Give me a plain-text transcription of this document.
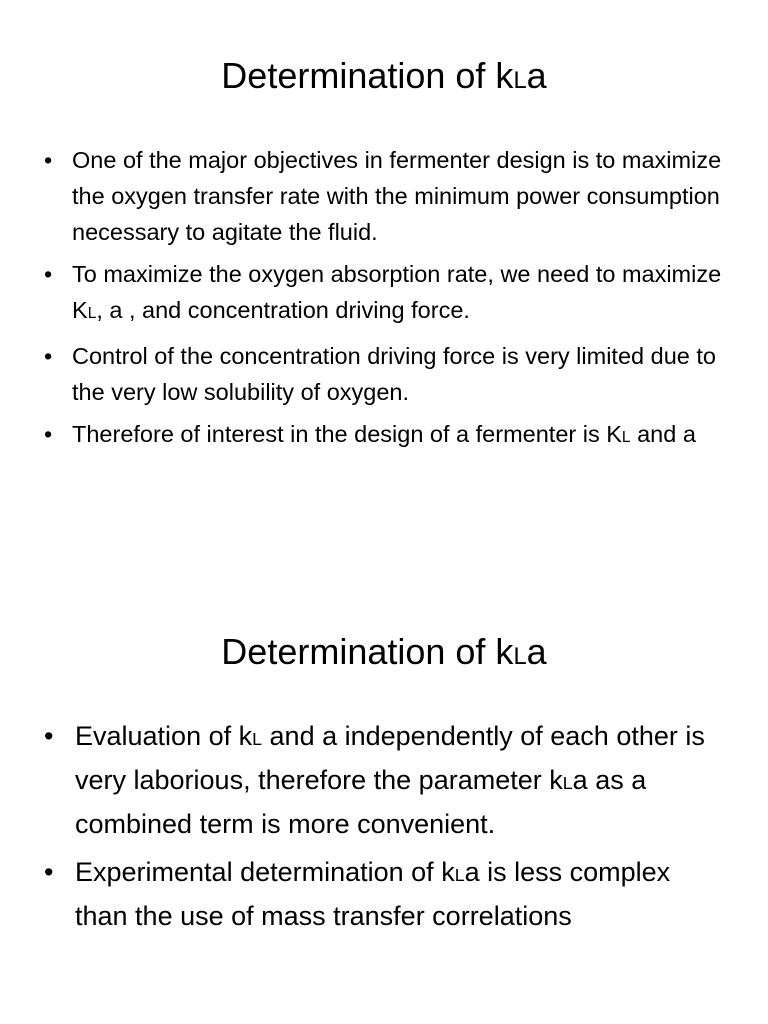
Determination of kLa
• One of the major objectives in fermenter design is to maximize the oxygen transfer rate with the minimum power consumption necessary to agitate the fluid.
• To maximize the oxygen absorption rate, we need to maximize KL, a , and concentration driving force.
• Control of the concentration driving force is very limited due to the very low solubility of oxygen.
• Therefore of interest in the design of a fermenter is KL and a
Determination of kLa
• Evaluation of kL and a independently of each other is very laborious, therefore the parameter kLa as a combined term is more convenient.
• Experimental determination of kLa is less complex than the use of mass transfer correlations
